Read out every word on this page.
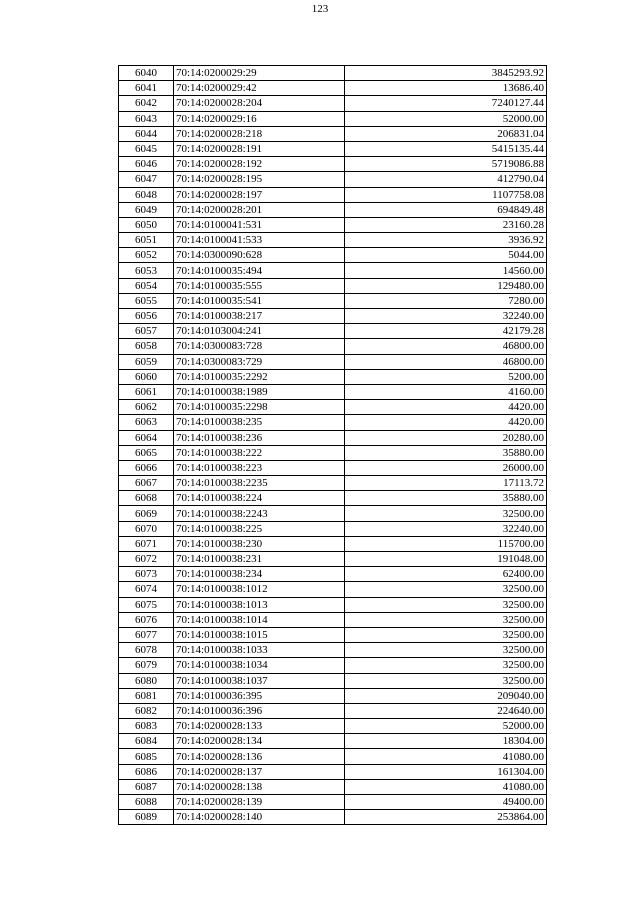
123
6040	70:14:0200029:29	3845293.92
6041	70:14:0200029:42	13686.40
6042	70:14:0200028:204	7240127.44
6043	70:14:0200029:16	52000.00
6044	70:14:0200028:218	206831.04
6045	70:14:0200028:191	5415135.44
6046	70:14:0200028:192	5719086.88
6047	70:14:0200028:195	412790.04
6048	70:14:0200028:197	1107758.08
6049	70:14:0200028:201	694849.48
6050	70:14:0100041:531	23160.28
6051	70:14:0100041:533	3936.92
6052	70:14:0300090:628	5044.00
6053	70:14:0100035:494	14560.00
6054	70:14:0100035:555	129480.00
6055	70:14:0100035:541	7280.00
6056	70:14:0100038:217	32240.00
6057	70:14:0103004:241	42179.28
6058	70:14:0300083:728	46800.00
6059	70:14:0300083:729	46800.00
6060	70:14:0100035:2292	5200.00
6061	70:14:0100038:1989	4160.00
6062	70:14:0100035:2298	4420.00
6063	70:14:0100038:235	4420.00
6064	70:14:0100038:236	20280.00
6065	70:14:0100038:222	35880.00
6066	70:14:0100038:223	26000.00
6067	70:14:0100038:2235	17113.72
6068	70:14:0100038:224	35880.00
6069	70:14:0100038:2243	32500.00
6070	70:14:0100038:225	32240.00
6071	70:14:0100038:230	115700.00
6072	70:14:0100038:231	191048.00
6073	70:14:0100038:234	62400.00
6074	70:14:0100038:1012	32500.00
6075	70:14:0100038:1013	32500.00
6076	70:14:0100038:1014	32500.00
6077	70:14:0100038:1015	32500.00
6078	70:14:0100038:1033	32500.00
6079	70:14:0100038:1034	32500.00
6080	70:14:0100038:1037	32500.00
6081	70:14:0100036:395	209040.00
6082	70:14:0100036:396	224640.00
6083	70:14:0200028:133	52000.00
6084	70:14:0200028:134	18304.00
6085	70:14:0200028:136	41080.00
6086	70:14:0200028:137	161304.00
6087	70:14:0200028:138	41080.00
6088	70:14:0200028:139	49400.00
6089	70:14:0200028:140	253864.00
